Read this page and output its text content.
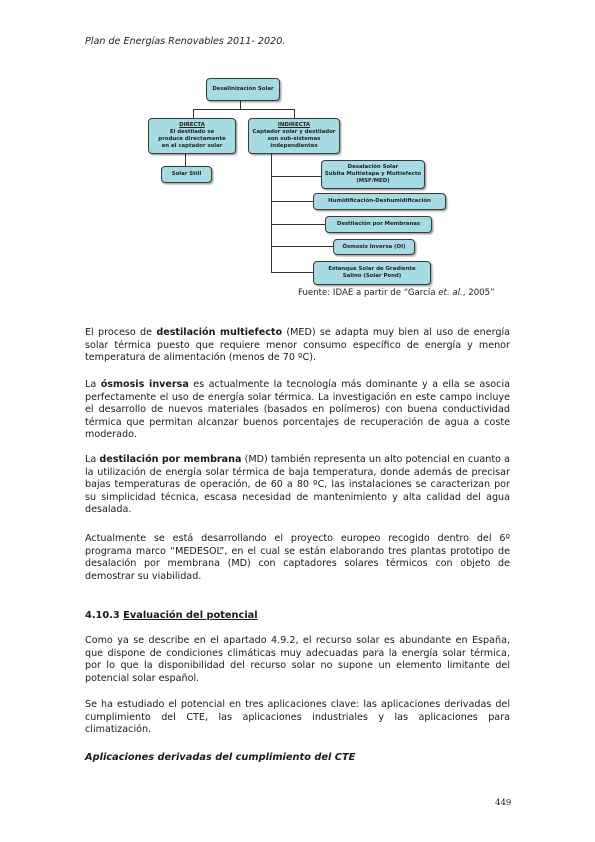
Plan de Energías Renovables 2011- 2020.
Desalinización Solar
DIRECTA
El destilado se
produce directamente
en el captador solar
INDIRECTA
Captador solar y destilador
son sub-sistemas
independientes
Solar Still
Desalación Solar
Súbita Multietapa y Multiefecto
(MSF/MED)
Humidificación-Deshumidificación
Destilación por Membranas
Ósmosis Inversa (OI)
Estanque Solar de Gradiente
Salino (Solar Pond)
Fuente: IDAE a partir de “García et. al., 2005”

El proceso de destilación multiefecto (MED) se adapta muy bien al uso de energía solar térmica puesto que requiere menor consumo específico de energía y menor temperatura de alimentación (menos de 70 ºC).

La ósmosis inversa es actualmente la tecnología más dominante y a ella se asocia perfectamente el uso de energía solar térmica. La investigación en este campo incluye el desarrollo de nuevos materiales (basados en polímeros) con buena conductividad térmica que permitan alcanzar buenos porcentajes de recuperación de agua a coste moderado.

La destilación por membrana (MD) también representa un alto potencial en cuanto a la utilización de energía solar térmica de baja temperatura, donde además de precisar bajas temperaturas de operación, de 60 a 80 ºC, las instalaciones se caracterizan por su simplicidad técnica, escasa necesidad de mantenimiento y alta calidad del agua desalada.

Actualmente se está desarrollando el proyecto europeo recogido dentro del 6º programa marco “MEDESOL”, en el cual se están elaborando tres plantas prototipo de desalación por membrana (MD) con captadores solares térmicos con objeto de demostrar su viabilidad.

4.10.3 Evaluación del potencial

Como ya se describe en el apartado 4.9.2, el recurso solar es abundante en España, que dispone de condiciones climáticas muy adecuadas para la energía solar térmica, por lo que la disponibilidad del recurso solar no supone un elemento limitante del potencial solar español.

Se ha estudiado el potencial en tres aplicaciones clave: las aplicaciones derivadas del cumplimiento del CTE, las aplicaciones industriales y las aplicaciones para climatización.

Aplicaciones derivadas del cumplimiento del CTE
449
